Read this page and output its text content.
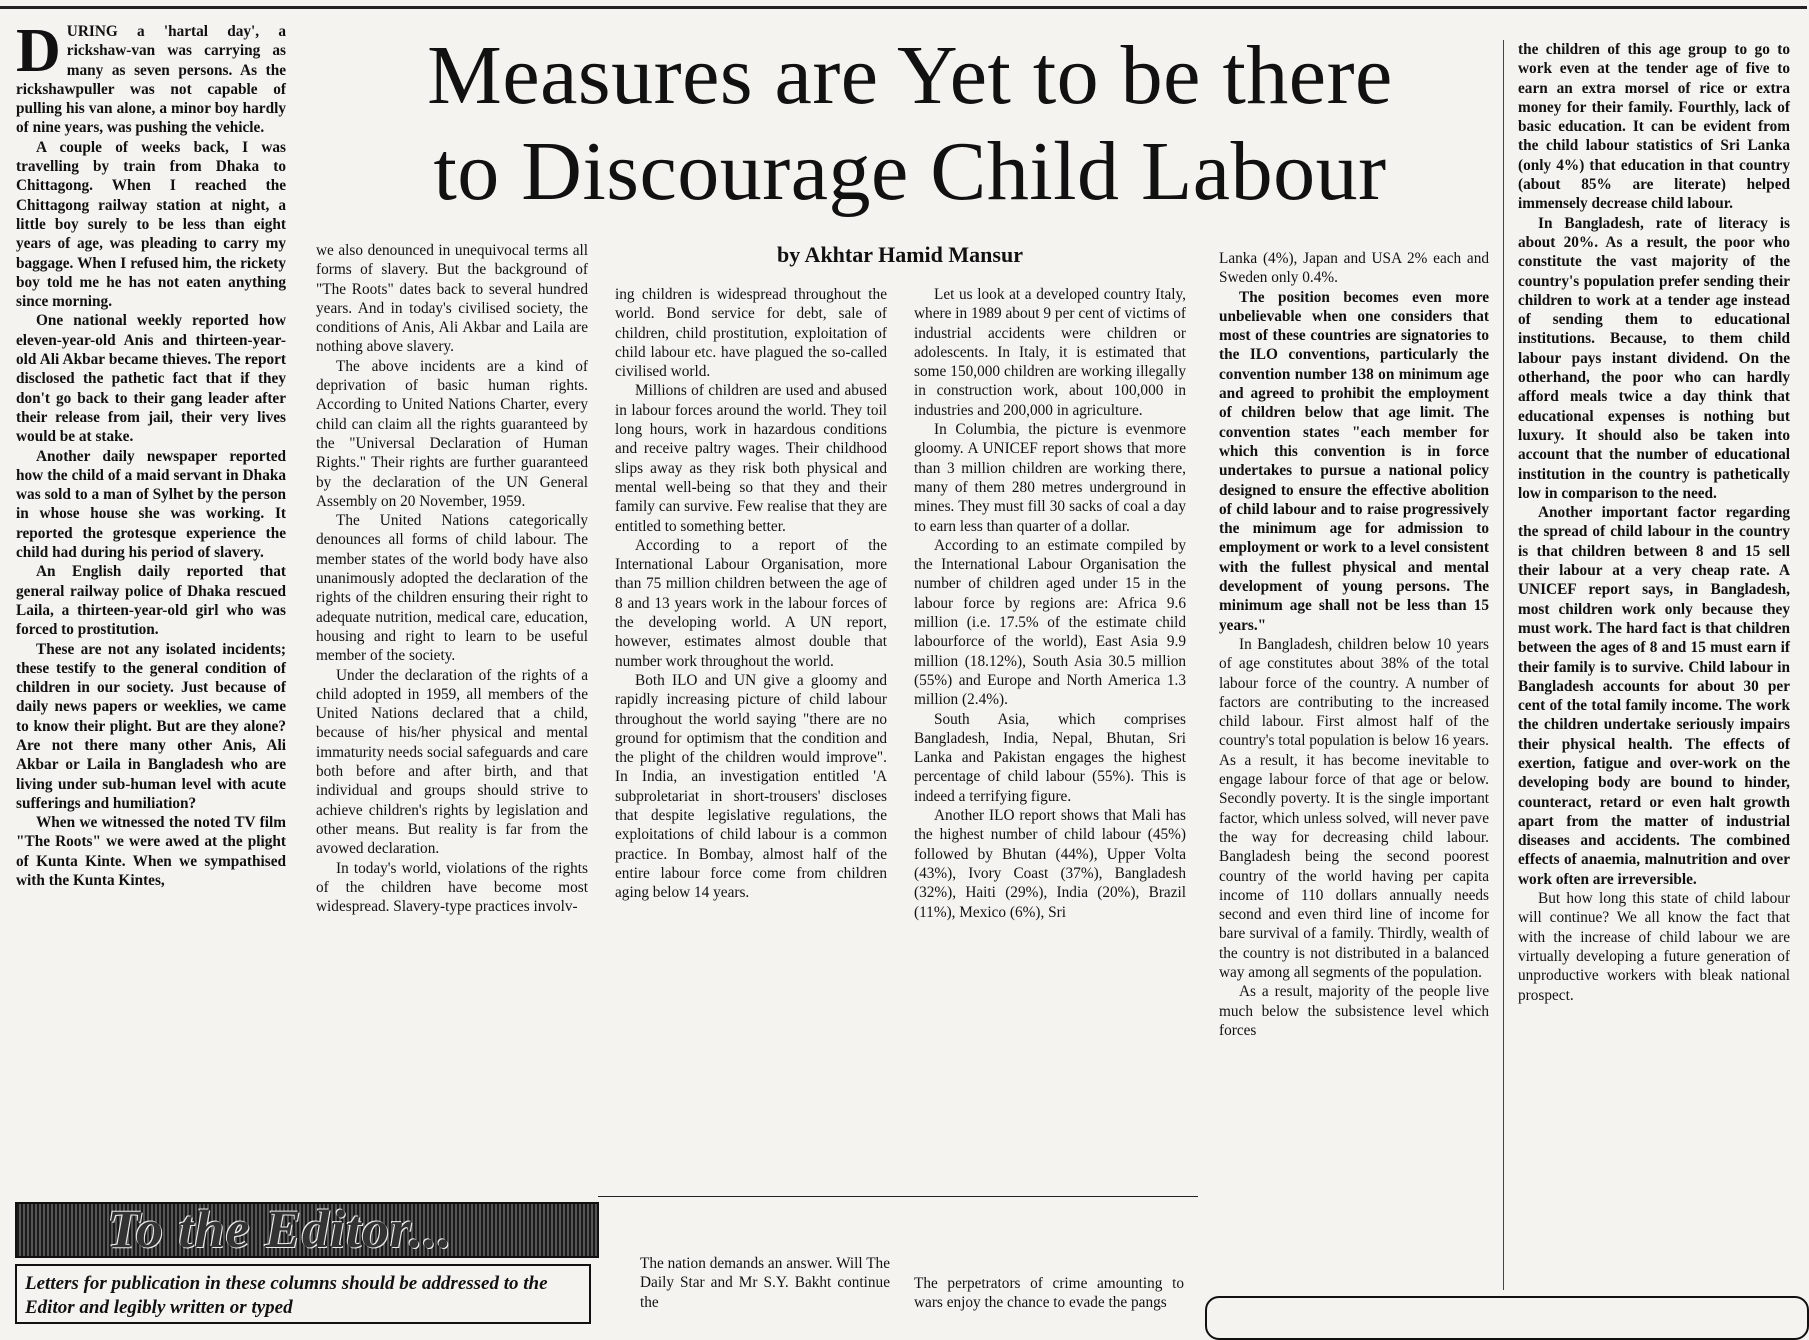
Measures are Yet to be there
to Discourage Child Labour
by Akhtar Hamid Mansur

DURING a 'hartal day', a rickshaw-van was carrying as many as seven persons. As the rickshawpuller was not capable of pulling his van alone, a minor boy hardly of nine years, was pushing the vehicle.

A couple of weeks back, I was travelling by train from Dhaka to Chittagong. When I reached the Chittagong railway station at night, a little boy surely to be less than eight years of age, was pleading to carry my baggage. When I refused him, the rickety boy told me he has not eaten anything since morning.

One national weekly reported how eleven-year-old Anis and thirteen-year-old Ali Akbar became thieves. The report disclosed the pathetic fact that if they don't go back to their gang leader after their release from jail, their very lives would be at stake.

Another daily newspaper reported how the child of a maid servant in Dhaka was sold to a man of Sylhet by the person in whose house she was working. It reported the grotesque experience the child had during his period of slavery.

An English daily reported that general railway police of Dhaka rescued Laila, a thirteen-year-old girl who was forced to prostitution.

These are not any isolated incidents; these testify to the general condition of children in our society. Just because of daily news papers or weeklies, we came to know their plight. But are they alone? Are not there many other Anis, Ali Akbar or Laila in Bangladesh who are living under sub-human level with acute sufferings and humiliation?

When we witnessed the noted TV film "The Roots" we were awed at the plight of Kunta Kinte. When we sympathised with the Kunta Kintes,

we also denounced in unequivocal terms all forms of slavery. But the background of "The Roots" dates back to several hundred years. And in today's civilised society, the conditions of Anis, Ali Akbar and Laila are nothing above slavery.

The above incidents are a kind of deprivation of basic human rights. According to United Nations Charter, every child can claim all the rights guaranteed by the "Universal Declaration of Human Rights." Their rights are further guaranteed by the declaration of the UN General Assembly on 20 November, 1959.

The United Nations categorically denounces all forms of child labour. The member states of the world body have also unanimously adopted the declaration of the rights of the children ensuring their right to adequate nutrition, medical care, education, housing and right to learn to be useful member of the society.

Under the declaration of the rights of a child adopted in 1959, all members of the United Nations declared that a child, because of his/her physical and mental immaturity needs social safeguards and care both before and after birth, and that individual and groups should strive to achieve children's rights by legislation and other means. But reality is far from the avowed declaration.

In today's world, violations of the rights of the children have become most widespread. Slavery-type practices involv-

ing children is widespread throughout the world. Bond service for debt, sale of children, child prostitution, exploitation of child labour etc. have plagued the so-called civilised world.

Millions of children are used and abused in labour forces around the world. They toil long hours, work in hazardous conditions and receive paltry wages. Their childhood slips away as they risk both physical and mental well-being so that they and their family can survive. Few realise that they are entitled to something better.

According to a report of the International Labour Organisation, more than 75 million children between the age of 8 and 13 years work in the labour forces of the developing world. A UN report, however, estimates almost double that number work throughout the world.

Both ILO and UN give a gloomy and rapidly increasing picture of child labour throughout the world saying "there are no ground for optimism that the condition and the plight of the children would improve". In India, an investigation entitled 'A subproletariat in short-trousers' discloses that despite legislative regulations, the exploitations of child labour is a common practice. In Bombay, almost half of the entire labour force come from children aging below 14 years.

Let us look at a developed country Italy, where in 1989 about 9 per cent of victims of industrial accidents were children or adolescents. In Italy, it is estimated that some 150,000 children are working illegally in construction work, about 100,000 in industries and 200,000 in agriculture.

In Columbia, the picture is evenmore gloomy. A UNICEF report shows that more than 3 million children are working there, many of them 280 metres underground in mines. They must fill 30 sacks of coal a day to earn less than quarter of a dollar.

According to an estimate compiled by the International Labour Organisation the number of children aged under 15 in the labour force by regions are: Africa 9.6 million (i.e. 17.5% of the estimate child labourforce of the world), East Asia 9.9 million (18.12%), South Asia 30.5 million (55%) and Europe and North America 1.3 million (2.4%).

South Asia, which comprises Bangladesh, India, Nepal, Bhutan, Sri Lanka and Pakistan engages the highest percentage of child labour (55%). This is indeed a terrifying figure.

Another ILO report shows that Mali has the highest number of child labour (45%) followed by Bhutan (44%), Upper Volta (43%), Ivory Coast (37%), Bangladesh (32%), Haiti (29%), India (20%), Brazil (11%), Mexico (6%), Sri

Lanka (4%), Japan and USA 2% each and Sweden only 0.4%.

The position becomes even more unbelievable when one considers that most of these countries are signatories to the ILO conventions, particularly the convention number 138 on minimum age and agreed to prohibit the employment of children below that age limit. The convention states "each member for which this convention is in force undertakes to pursue a national policy designed to ensure the effective abolition of child labour and to raise progressively the minimum age for admission to employment or work to a level consistent with the fullest physical and mental development of young persons. The minimum age shall not be less than 15 years."

In Bangladesh, children below 10 years of age constitutes about 38% of the total labour force of the country. A number of factors are contributing to the increased child labour. First almost half of the country's total population is below 16 years. As a result, it has become inevitable to engage labour force of that age or below. Secondly poverty. It is the single important factor, which unless solved, will never pave the way for decreasing child labour. Bangladesh being the second poorest country of the world having per capita income of 110 dollars annually needs second and even third line of income for bare survival of a family. Thirdly, wealth of the country is not distributed in a balanced way among all segments of the population.

As a result, majority of the people live much below the subsistence level which forces

the children of this age group to go to work even at the tender age of five to earn an extra morsel of rice or extra money for their family. Fourthly, lack of basic education. It can be evident from the child labour statistics of Sri Lanka (only 4%) that education in that country (about 85% are literate) helped immensely decrease child labour.

In Bangladesh, rate of literacy is about 20%. As a result, the poor who constitute the vast majority of the country's population prefer sending their children to work at a tender age instead of sending them to educational institutions. Because, to them child labour pays instant dividend. On the otherhand, the poor who can hardly afford meals twice a day think that educational expenses is nothing but luxury. It should also be taken into account that the number of educational institution in the country is pathetically low in comparison to the need.

Another important factor regarding the spread of child labour in the country is that children between 8 and 15 sell their labour at a very cheap rate. A UNICEF report says, in Bangladesh, most children work only because they must work. The hard fact is that children between the ages of 8 and 15 must earn if their family is to survive. Child labour in Bangladesh accounts for about 30 per cent of the total family income. The work the children undertake seriously impairs their physical health. The effects of exertion, fatigue and over-work on the developing body are bound to hinder, counteract, retard or even halt growth apart from the matter of industrial diseases and accidents. The combined effects of anaemia, malnutrition and over work often are irreversible.

But how long this state of child labour will continue? We all know the fact that with the increase of child labour we are virtually developing a future generation of unproductive workers with bleak national prospect.

To the Editor...
Letters for publication in these columns should be addressed to the Editor and legibly written or typed
The nation demands an answer. Will The Daily Star and Mr S.Y. Bakht continue the
The perpetrators of crime amounting to wars enjoy the chance to evade the pangs
